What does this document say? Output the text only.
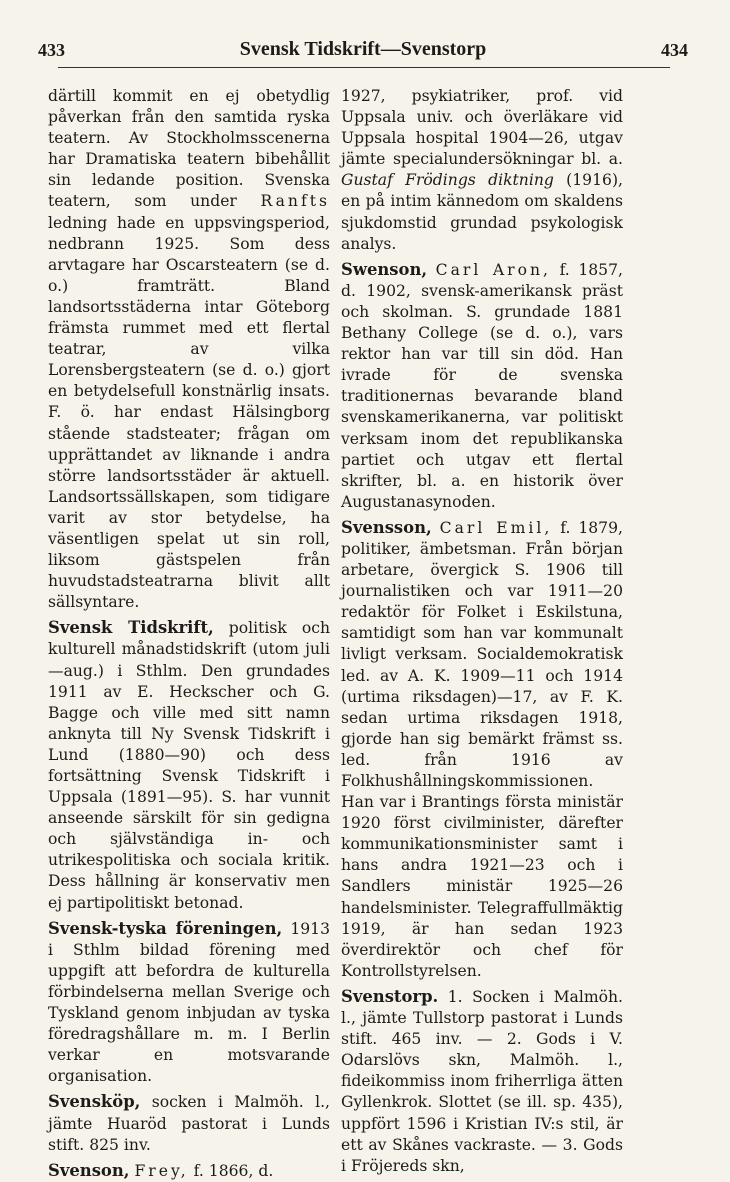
433	Svensk Tidskrift—Svenstorp	434

därtill kommit en ej obetydlig påverkan från den samtida ryska teatern. Av Stockholmsscenerna har Dramatiska teatern bibehållit sin ledande position. Svenska teatern, som under Ranfts ledning hade en uppsvingsperiod, nedbrann 1925. Som dess arvtagare har Oscarsteatern (se d. o.) framträtt. Bland landsortsstäderna intar Göteborg främsta rummet med ett flertal teatrar, av vilka Lorensbergsteatern (se d. o.) gjort en betydelsefull konstnärlig insats. F. ö. har endast Hälsingborg stående stadsteater; frågan om upprättandet av liknande i andra större landsortsstäder är aktuell. Landsortssällskapen, som tidigare varit av stor betydelse, ha väsentligen spelat ut sin roll, liksom gästspelen från huvudstadsteatrarna blivit allt sällsyntare.

Svensk Tidskrift, politisk och kulturell månadstidskrift (utom juli—aug.) i Sthlm. Den grundades 1911 av E. Heckscher och G. Bagge och ville med sitt namn anknyta till Ny Svensk Tidskrift i Lund (1880—90) och dess fortsättning Svensk Tidskrift i Uppsala (1891—95). S. har vunnit anseende särskilt för sin gedigna och självständiga in- och utrikespolitiska och sociala kritik. Dess hållning är konservativ men ej partipolitiskt betonad.

Svensk-tyska föreningen, 1913 i Sthlm bildad förening med uppgift att befordra de kulturella förbindelserna mellan Sverige och Tyskland genom inbjudan av tyska föredragshållare m. m. I Berlin verkar en motsvarande organisation.

Svensköp, socken i Malmöh. l., jämte Huaröd pastorat i Lunds stift. 825 inv.

Svenson, Frey, f. 1866, d.

1927, psykiatriker, prof. vid Uppsala univ. och överläkare vid Uppsala hospital 1904—26, utgav jämte specialundersökningar bl. a. Gustaf Frödings diktning (1916), en på intim kännedom om skaldens sjukdomstid grundad psykologisk analys.

Swenson, Carl Aron, f. 1857, d. 1902, svensk-amerikansk präst och skolman. S. grundade 1881 Bethany College (se d. o.), vars rektor han var till sin död. Han ivrade för de svenska traditionernas bevarande bland svenskamerikanerna, var politiskt verksam inom det republikanska partiet och utgav ett flertal skrifter, bl. a. en historik över Augustanasynoden.

Svensson, Carl Emil, f. 1879, politiker, ämbetsman. Från början arbetare, övergick S. 1906 till journalistiken och var 1911—20 redaktör för Folket i Eskilstuna, samtidigt som han var kommunalt livligt verksam. Socialdemokratisk led. av A. K. 1909—11 och 1914 (urtima riksdagen)—17, av F. K. sedan urtima riksdagen 1918, gjorde han sig bemärkt främst ss. led. från 1916 av Folkhushållningskommissionen. Han var i Brantings första ministär 1920 först civilminister, därefter kommunikationsminister samt i hans andra 1921—23 och i Sandlers ministär 1925—26 handelsminister. Telegraffullmäktig 1919, är han sedan 1923 överdirektör och chef för Kontrollstyrelsen.

Svenstorp. 1. Socken i Malmöh. l., jämte Tullstorp pastorat i Lunds stift. 465 inv. — 2. Gods i V. Odarslövs skn, Malmöh. l., fideikommiss inom friherrliga ätten Gyllenkrok. Slottet (se ill. sp. 435), uppfört 1596 i Kristian IV:s stil, är ett av Skånes vackraste. — 3. Gods i Fröjereds skn,
